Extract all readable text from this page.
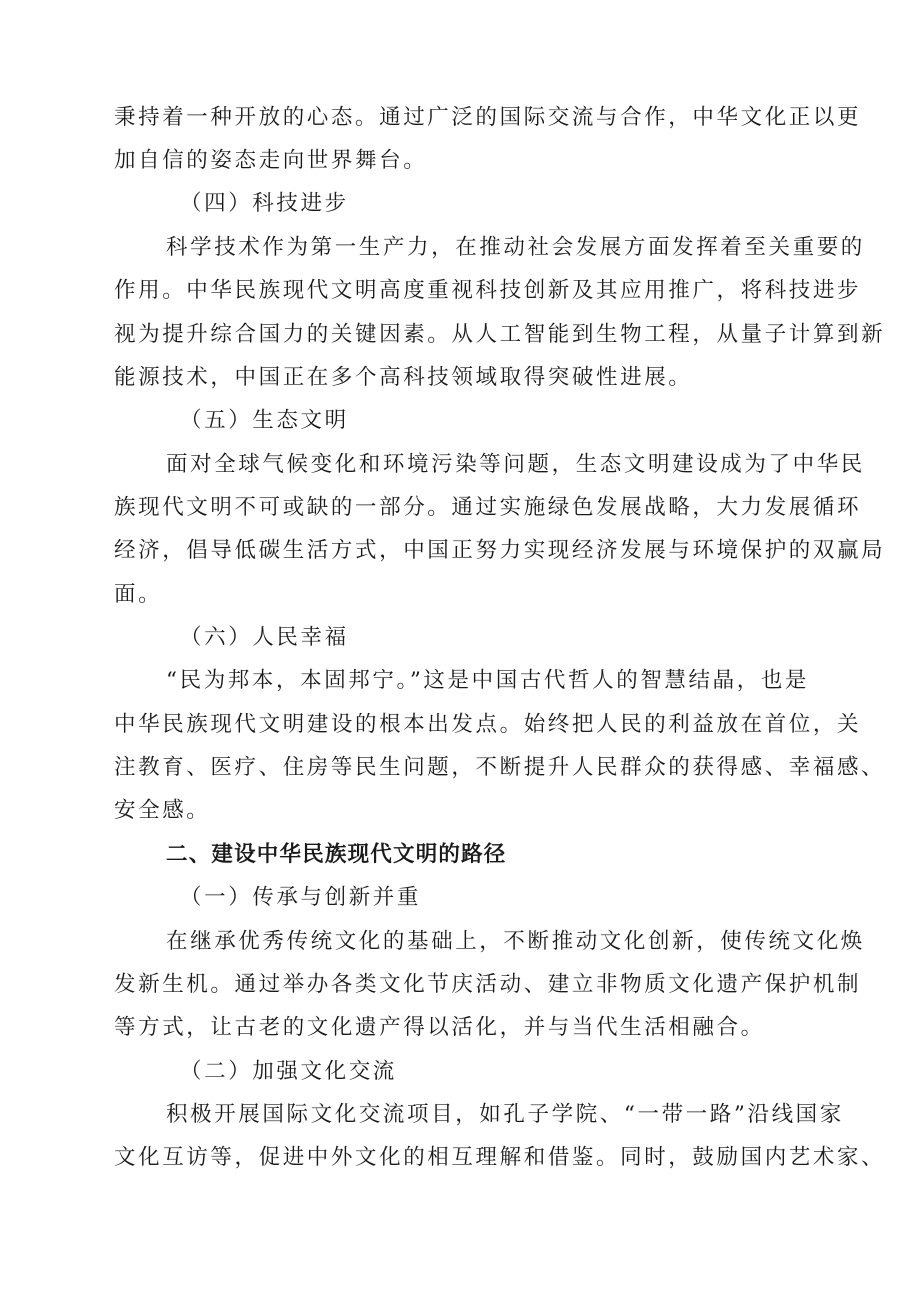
秉持着一种开放的心态。通过广泛的国际交流与合作，中华文化正以更
加自信的姿态走向世界舞台。
（四）科技进步
科学技术作为第一生产力，在推动社会发展方面发挥着至关重要的
作用。中华民族现代文明高度重视科技创新及其应用推广，将科技进步
视为提升综合国力的关键因素。从人工智能到生物工程，从量子计算到新
能源技术，中国正在多个高科技领域取得突破性进展。
（五）生态文明
面对全球气候变化和环境污染等问题，生态文明建设成为了中华民
族现代文明不可或缺的一部分。通过实施绿色发展战略，大力发展循环
经济，倡导低碳生活方式，中国正努力实现经济发展与环境保护的双赢局
面。
（六）人民幸福
“民为邦本，本固邦宁。”这是中国古代哲人的智慧结晶，也是
中华民族现代文明建设的根本出发点。始终把人民的利益放在首位，关
注教育、医疗、住房等民生问题，不断提升人民群众的获得感、幸福感、
安全感。
二、建设中华民族现代文明的路径
（一）传承与创新并重
在继承优秀传统文化的基础上，不断推动文化创新，使传统文化焕
发新生机。通过举办各类文化节庆活动、建立非物质文化遗产保护机制
等方式，让古老的文化遗产得以活化，并与当代生活相融合。
（二）加强文化交流
积极开展国际文化交流项目，如孔子学院、“一带一路”沿线国家
文化互访等，促进中外文化的相互理解和借鉴。同时，鼓励国内艺术家、
